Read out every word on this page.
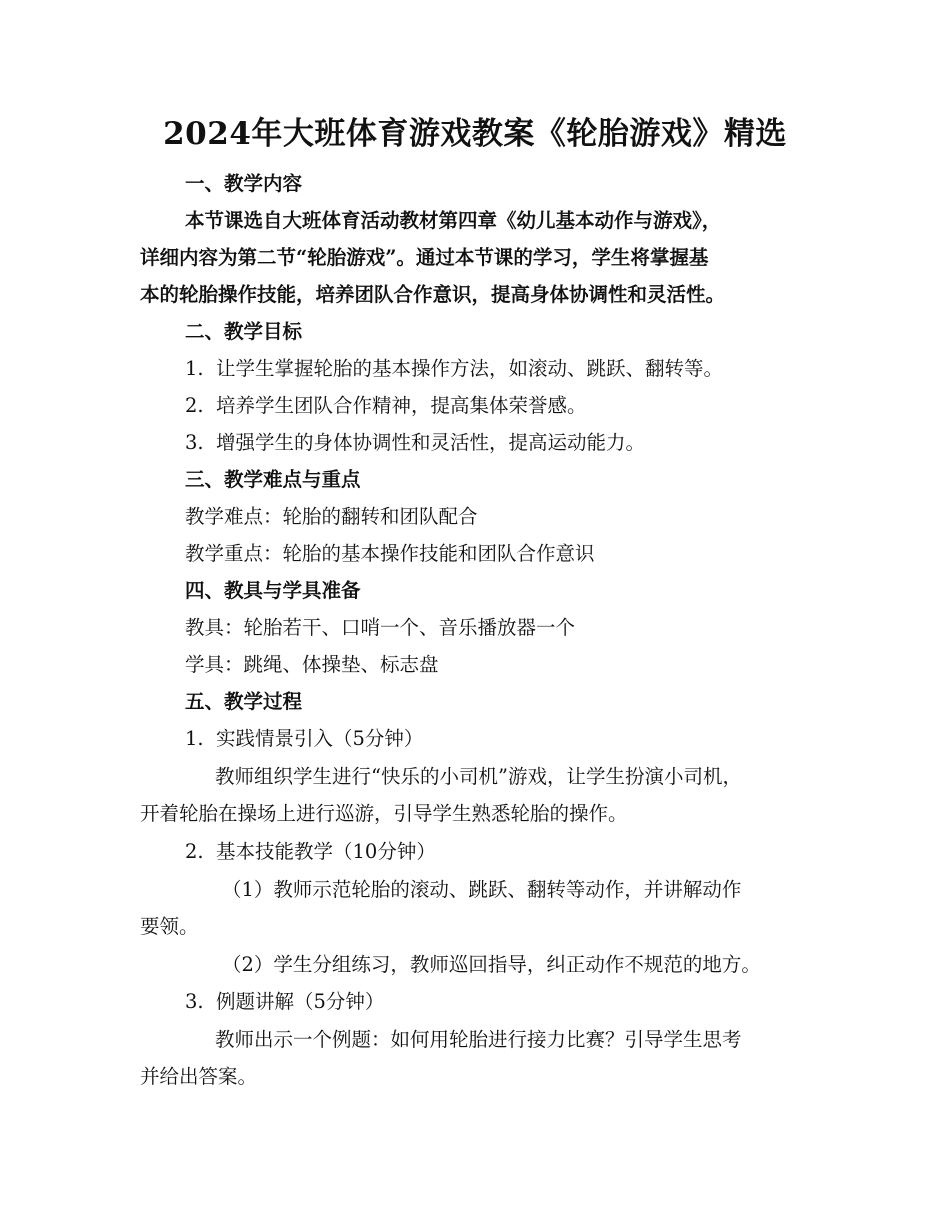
2024年大班体育游戏教案《轮胎游戏》精选
一、教学内容
本节课选自大班体育活动教材第四章《幼儿基本动作与游戏》，
详细内容为第二节“轮胎游戏”。通过本节课的学习，学生将掌握基
本的轮胎操作技能，培养团队合作意识，提高身体协调性和灵活性。
二、教学目标
1. 让学生掌握轮胎的基本操作方法，如滚动、跳跃、翻转等。
2. 培养学生团队合作精神，提高集体荣誉感。
3. 增强学生的身体协调性和灵活性，提高运动能力。
三、教学难点与重点
教学难点：轮胎的翻转和团队配合
教学重点：轮胎的基本操作技能和团队合作意识
四、教具与学具准备
教具：轮胎若干、口哨一个、音乐播放器一个
学具：跳绳、体操垫、标志盘
五、教学过程
1. 实践情景引入（5分钟）
教师组织学生进行“快乐的小司机”游戏，让学生扮演小司机，
开着轮胎在操场上进行巡游，引导学生熟悉轮胎的操作。
2. 基本技能教学（10分钟）
（1）教师示范轮胎的滚动、跳跃、翻转等动作，并讲解动作
要领。
（2）学生分组练习，教师巡回指导，纠正动作不规范的地方。
3. 例题讲解（5分钟）
教师出示一个例题：如何用轮胎进行接力比赛？引导学生思考
并给出答案。
